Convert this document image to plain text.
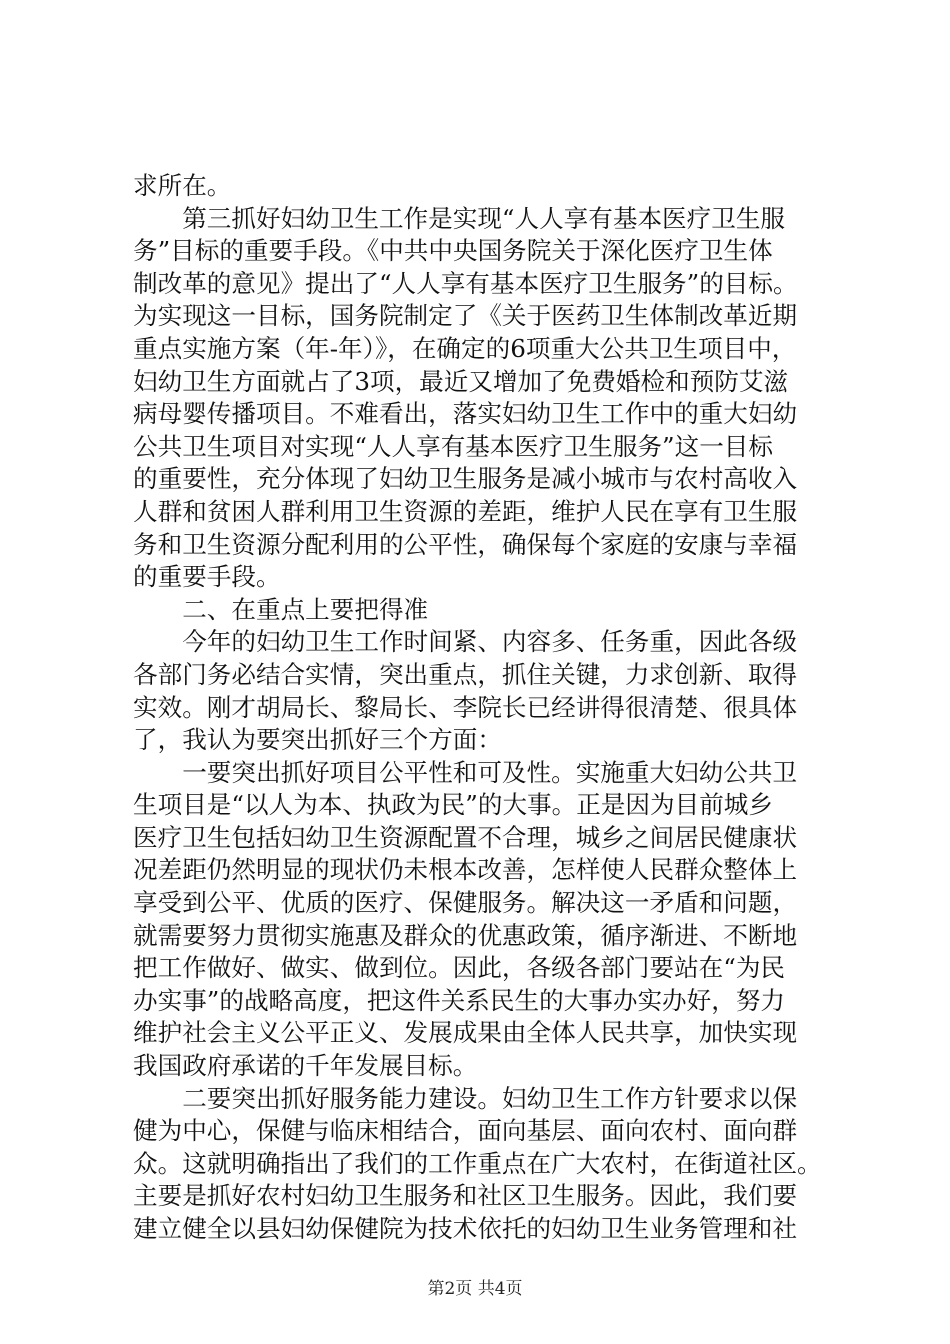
求所在。
　　第三抓好妇幼卫生工作是实现“人人享有基本医疗卫生服
务”目标的重要手段。《中共中央国务院关于深化医疗卫生体
制改革的意见》提出了“人人享有基本医疗卫生服务”的目标。
为实现这一目标，国务院制定了《关于医药卫生体制改革近期
重点实施方案（年-年）》，在确定的6项重大公共卫生项目中，
妇幼卫生方面就占了3项，最近又增加了免费婚检和预防艾滋
病母婴传播项目。不难看出，落实妇幼卫生工作中的重大妇幼
公共卫生项目对实现“人人享有基本医疗卫生服务”这一目标
的重要性，充分体现了妇幼卫生服务是减小城市与农村高收入
人群和贫困人群利用卫生资源的差距，维护人民在享有卫生服
务和卫生资源分配利用的公平性，确保每个家庭的安康与幸福
的重要手段。
　　二、在重点上要把得准
　　今年的妇幼卫生工作时间紧、内容多、任务重，因此各级
各部门务必结合实情，突出重点，抓住关键，力求创新、取得
实效。刚才胡局长、黎局长、李院长已经讲得很清楚、很具体
了，我认为要突出抓好三个方面：
　　一要突出抓好项目公平性和可及性。实施重大妇幼公共卫
生项目是“以人为本、执政为民”的大事。正是因为目前城乡
医疗卫生包括妇幼卫生资源配置不合理，城乡之间居民健康状
况差距仍然明显的现状仍未根本改善，怎样使人民群众整体上
享受到公平、优质的医疗、保健服务。解决这一矛盾和问题，
就需要努力贯彻实施惠及群众的优惠政策，循序渐进、不断地
把工作做好、做实、做到位。因此，各级各部门要站在“为民
办实事”的战略高度，把这件关系民生的大事办实办好，努力
维护社会主义公平正义、发展成果由全体人民共享，加快实现
我国政府承诺的千年发展目标。
　　二要突出抓好服务能力建设。妇幼卫生工作方针要求以保
健为中心，保健与临床相结合，面向基层、面向农村、面向群
众。这就明确指出了我们的工作重点在广大农村，在街道社区。
主要是抓好农村妇幼卫生服务和社区卫生服务。因此，我们要
建立健全以县妇幼保健院为技术依托的妇幼卫生业务管理和社
第2页 共4页
